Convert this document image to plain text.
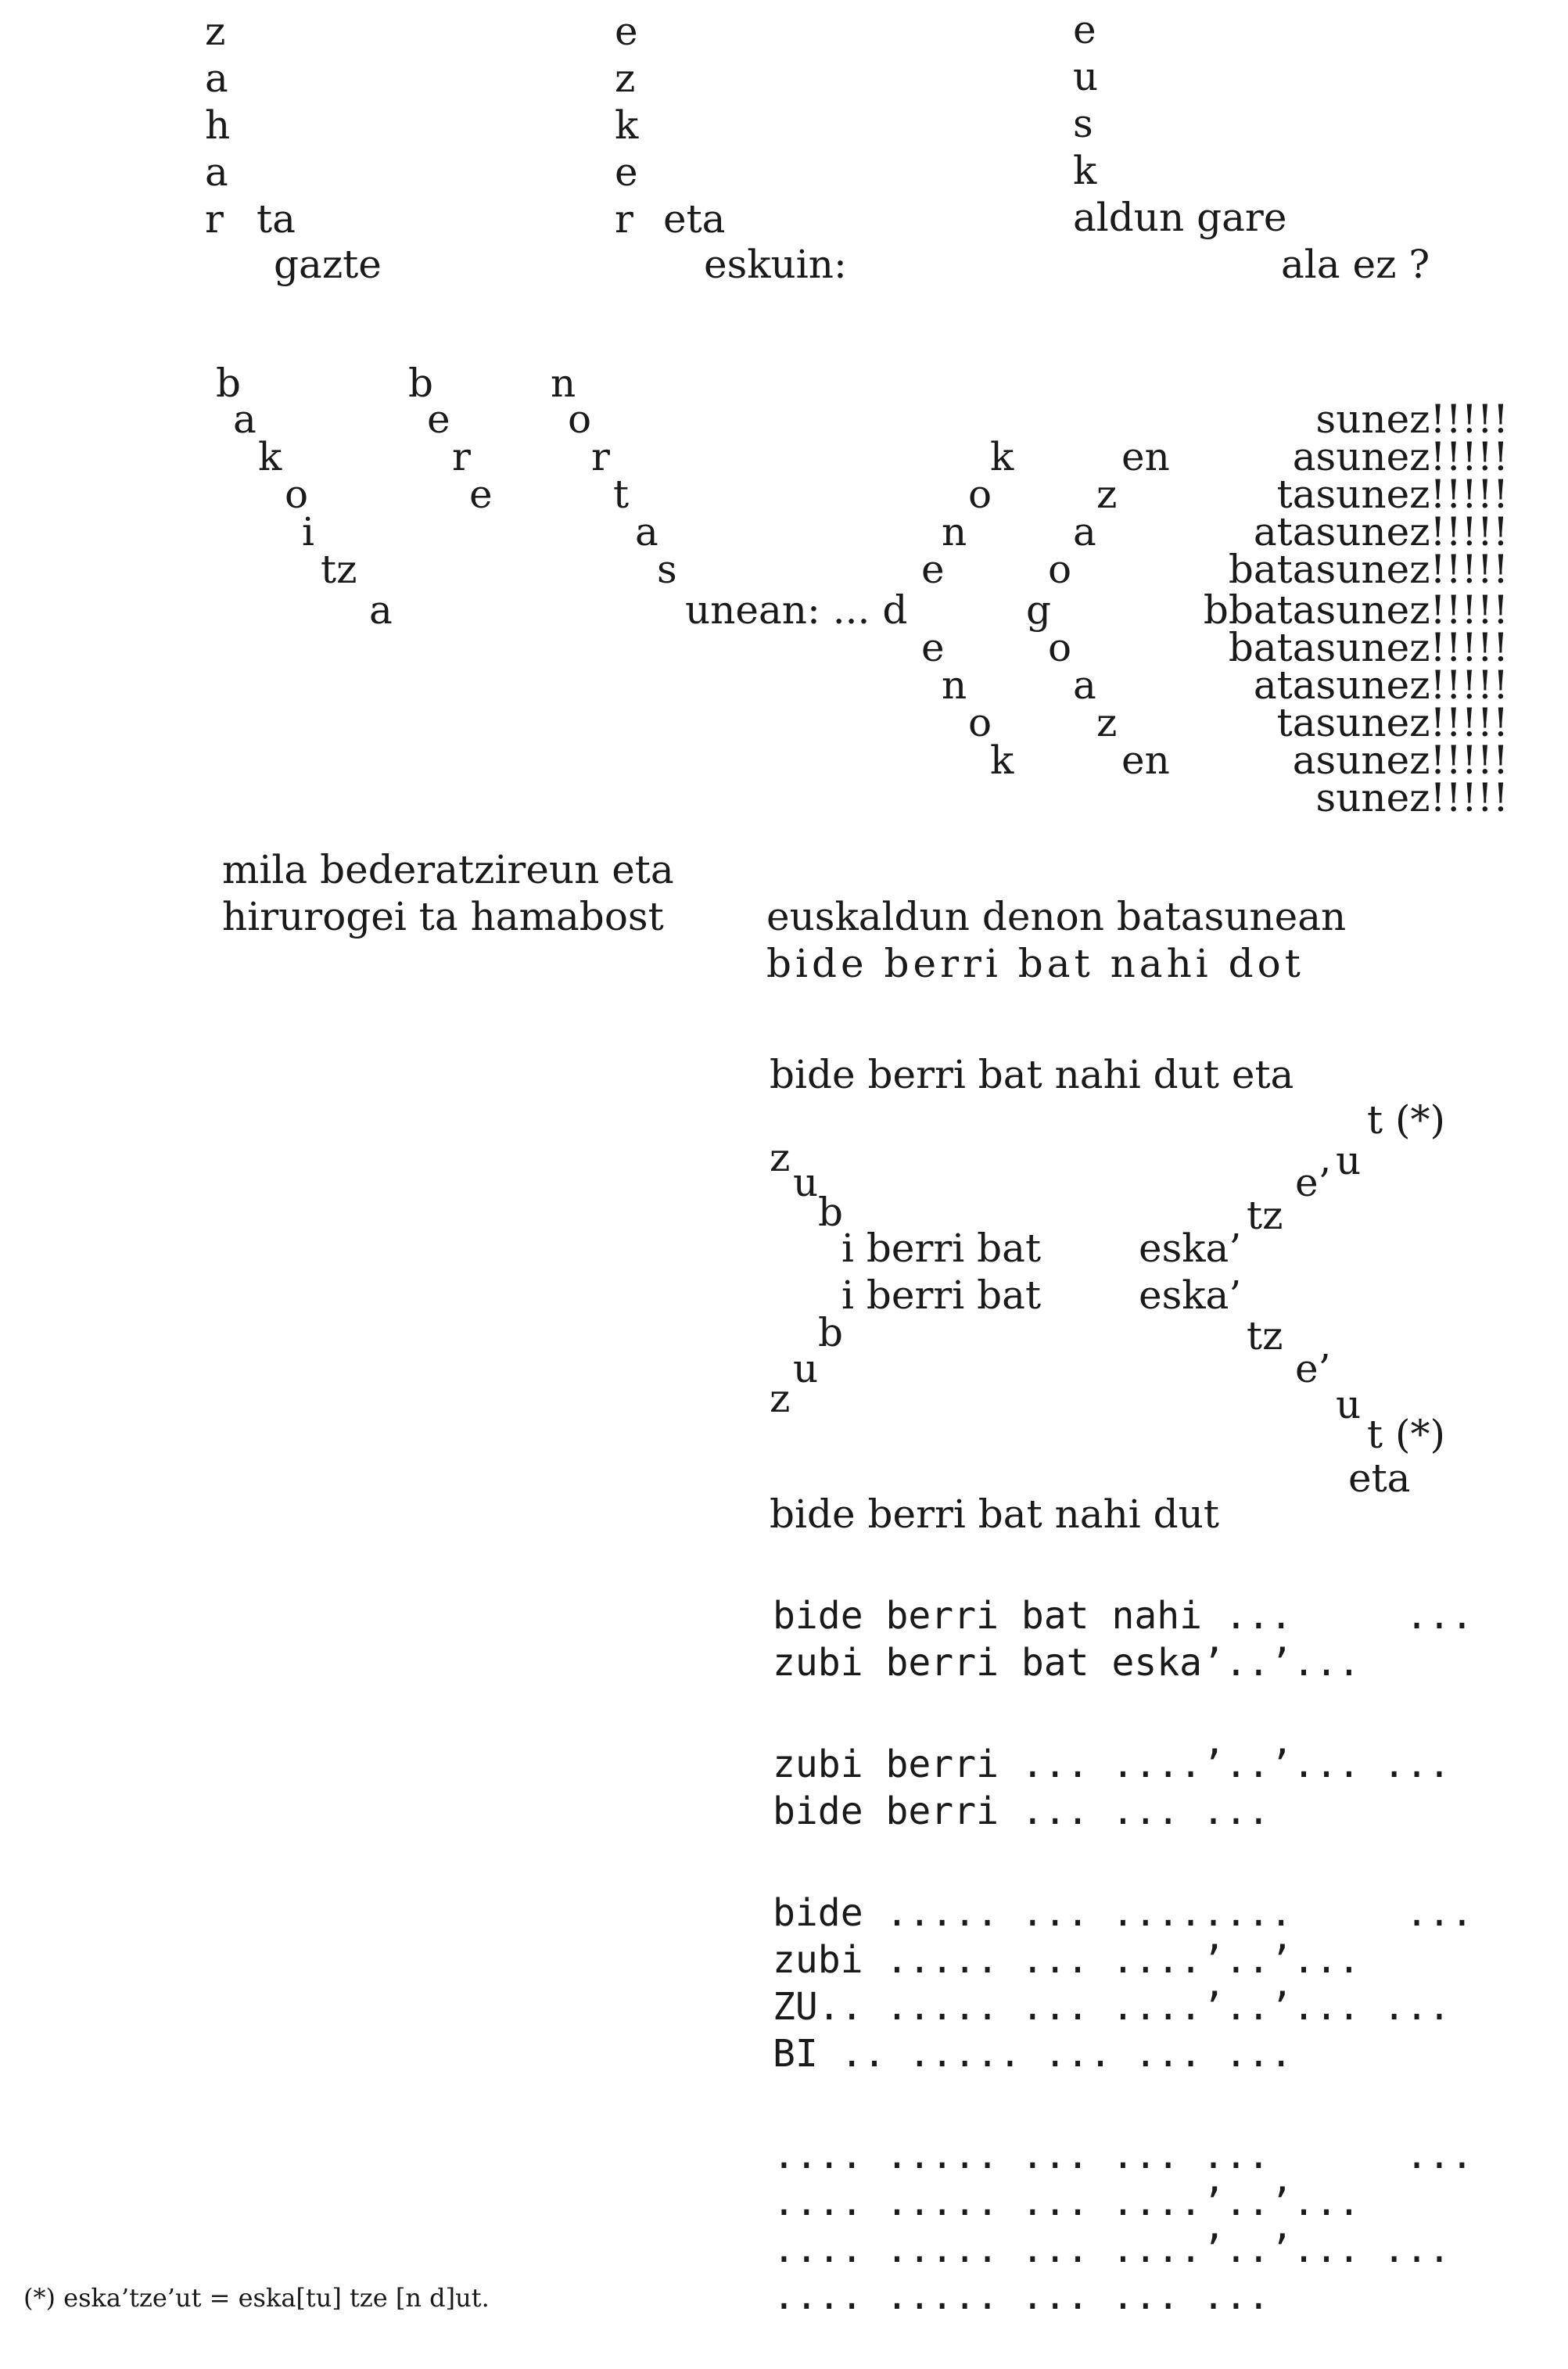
z
a
h
a
r ta
gazte
e
z
k
e
r eta
eskuin:
e
u
s
k
aldun gare
ala ez ?
b
a
k
o
i
tz
a
b
e
r
e
n
o
r
t
a
s
unean: ... d
k
o
n
e
e
n
o
k
en
z
a
o
g
o
a
z
en
sunez!!!!!
asunez!!!!!
tasunez!!!!!
atasunez!!!!!
batasunez!!!!!
bbatasunez!!!!!
batasunez!!!!!
atasunez!!!!!
tasunez!!!!!
asunez!!!!!
sunez!!!!!
mila bederatzireun eta
hirurogei ta hamabost	euskaldun denon batasunean
bide berri bat nahi dot
bide berri bat nahi dut eta
t (*)
z
u
b
e’ u
tz
i berri bat eska’
i berri bat eska’
b
u
z
tz
e’
u
t (*)
eta
bide berri bat nahi dut
bide berri bat nahi ...     ...
zubi berri bat eska’..’...
zubi berri ... ....’..’... ...
bide berri ... ... ...
bide ..... ... ........     ...
zubi ..... ... ....’..’...
ZU.. ..... ... ....’..’... ...
BI .. ..... ... ... ...
.... ..... ... ... ...      ...
.... ..... ... ....’..’...
.... ..... ... ....’..’... ...
.... ..... ... ... ...
(*) eska’tze’ut = eska[tu] tze [n d]ut.
